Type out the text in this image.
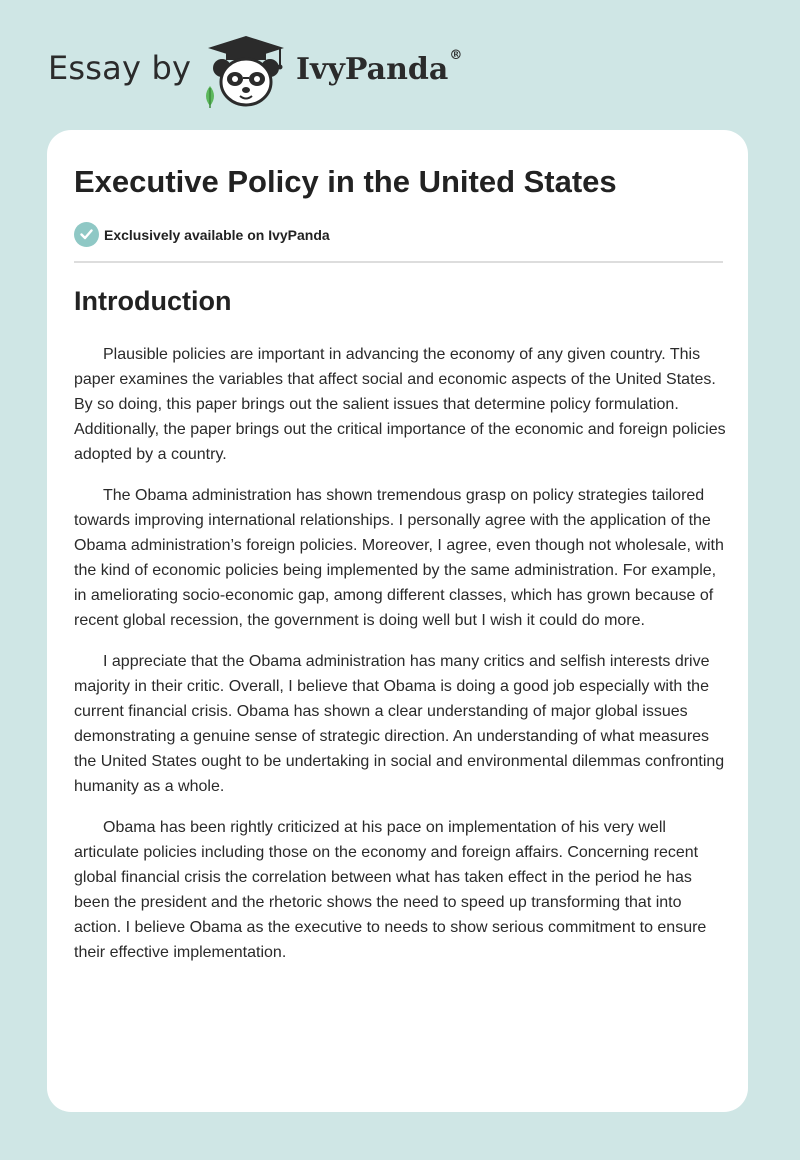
Essay by	IvyPanda®
Executive Policy in the United States
Exclusively available on IvyPanda
Introduction

Plausible policies are important in advancing the economy of any given country. This paper examines the variables that affect social and economic aspects of the United States. By so doing, this paper brings out the salient issues that determine policy formulation. Additionally, the paper brings out the critical importance of the economic and foreign policies adopted by a country.

The Obama administration has shown tremendous grasp on policy strategies tailored towards improving international relationships. I personally agree with the application of the Obama administration’s foreign policies. Moreover, I agree, even though not wholesale, with the kind of economic policies being implemented by the same administration. For example, in ameliorating socio-economic gap, among different classes, which has grown because of recent global recession, the government is doing well but I wish it could do more.

I appreciate that the Obama administration has many critics and selfish interests drive majority in their critic. Overall, I believe that Obama is doing a good job especially with the current financial crisis. Obama has shown a clear understanding of major global issues demonstrating a genuine sense of strategic direction. An understanding of what measures the United States ought to be undertaking in social and environmental dilemmas confronting humanity as a whole.

Obama has been rightly criticized at his pace on implementation of his very well articulate policies including those on the economy and foreign affairs. Concerning recent global financial crisis the correlation between what has taken effect in the period he has been the president and the rhetoric shows the need to speed up transforming that into action. I believe Obama as the executive to needs to show serious commitment to ensure their effective implementation.
